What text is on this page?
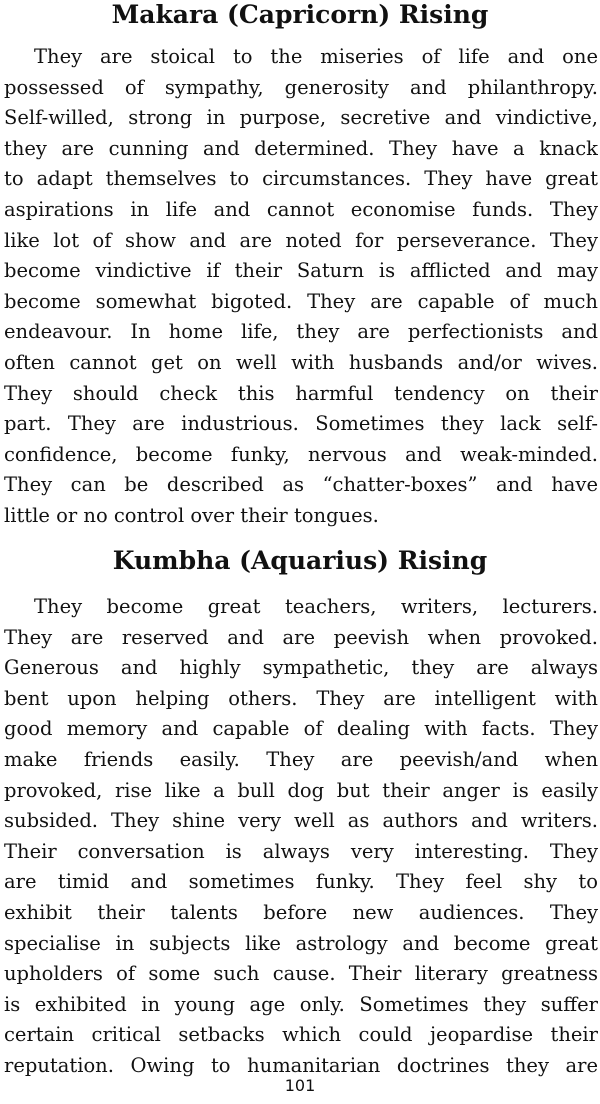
Makara (Capricorn) Rising
They are stoical to the miseries of life and one
possessed of sympathy, generosity and philanthropy.
Self-willed, strong in purpose, secretive and vindictive,
they are cunning and determined. They have a knack
to adapt themselves to circumstances. They have great
aspirations in life and cannot economise funds. They
like lot of show and are noted for perseverance. They
become vindictive if their Saturn is afflicted and may
become somewhat bigoted. They are capable of much
endeavour. In home life, they are perfectionists and
often cannot get on well with husbands and/or wives.
They should check this harmful tendency on their
part. They are industrious. Sometimes they lack self-
confidence, become funky, nervous and weak-minded.
They can be described as “chatter-boxes” and have
little or no control over their tongues.
Kumbha (Aquarius) Rising
They become great teachers, writers, lecturers.
They are reserved and are peevish when provoked.
Generous and highly sympathetic, they are always
bent upon helping others. They are intelligent with
good memory and capable of dealing with facts. They
make friends easily. They are peevish/and when
provoked, rise like a bull dog but their anger is easily
subsided. They shine very well as authors and writers.
Their conversation is always very interesting. They
are timid and sometimes funky. They feel shy to
exhibit their talents before new audiences. They
specialise in subjects like astrology and become great
upholders of some such cause. Their literary greatness
is exhibited in young age only. Sometimes they suffer
certain critical setbacks which could jeopardise their
reputation. Owing to humanitarian doctrines they are
101
